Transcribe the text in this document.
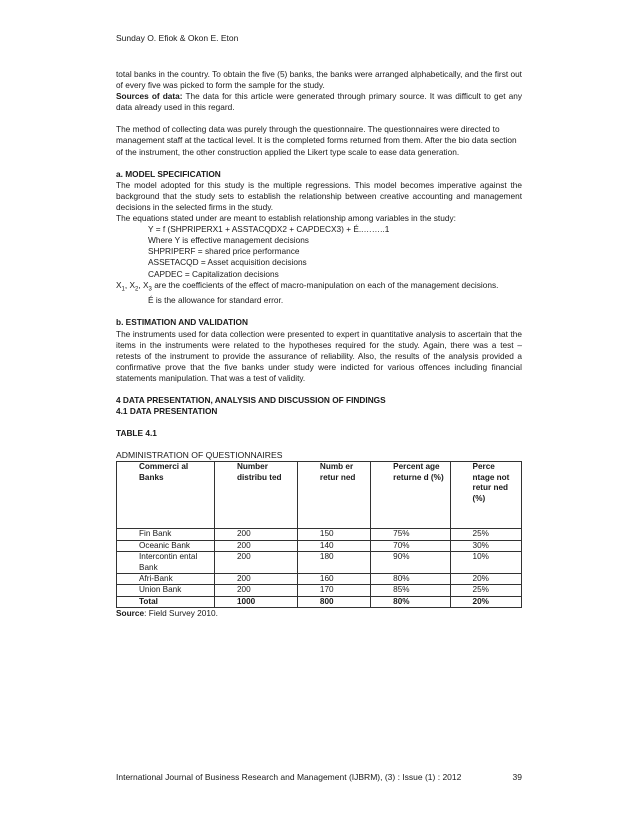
Sunday O. Efiok & Okon E. Eton

total banks in the country. To obtain the five (5) banks, the banks were arranged alphabetically, and the first out of every five was picked to form the sample for the study.

Sources of data: The data for this article were generated through primary source. It was difficult to get any data already used in this regard.

The method of collecting data was purely through the questionnaire. The questionnaires were directed to management staff at the tactical level. It is the completed forms returned from them. After the bio data section of the instrument, the other construction applied the Likert type scale to ease data generation.

a. MODEL SPECIFICATION

The model adopted for this study is the multiple regressions. This model becomes imperative against the background that the study sets to establish the relationship between creative accounting and management decisions in the selected firms in the study.

The equations stated under are meant to establish relationship among variables in the study:

Y = f (SHPRIPERX1 + ASSTACQDX2 + CAPDECX3) + É..……..1

Where Y is effective management decisions

SHPRIPERF = shared price performance

ASSETACQD = Asset acquisition decisions

CAPDEC = Capitalization decisions

$X_1$, $X_2$, $X_3$ are the coefficients of the effect of macro-manipulation on each of the management decisions.

É is the allowance for standard error.

b. ESTIMATION AND VALIDATION

The instruments used for data collection were presented to expert in quantitative analysis to ascertain that the items in the instruments were related to the hypotheses required for the study. Again, there was a test – retests of the instrument to provide the assurance of reliability. Also, the results of the analysis provided a confirmative prove that the five banks under study were indicted for various offences including financial statements manipulation. That was a test of validity.

4 DATA PRESENTATION, ANALYSIS AND DISCUSSION OF FINDINGS

4.1 DATA PRESENTATION

TABLE 4.1

ADMINISTRATION OF QUESTIONNAIRES

Commerci al Banks	Number distribu ted	Numb er retur ned	Percent age returne d (%)	Perce ntage not retur ned (%)
Fin Bank	200	150	75%	25%
Oceanic Bank	200	140	70%	30%
Intercontin ental Bank	200	180	90%	10%
Afri-Bank	200	160	80%	20%
Union Bank	200	170	85%	25%
Total	1000	800	80%	20%

Source: Field Survey 2010.

International Journal of Business Research and Management (IJBRM), (3) : Issue (1) : 2012	39
